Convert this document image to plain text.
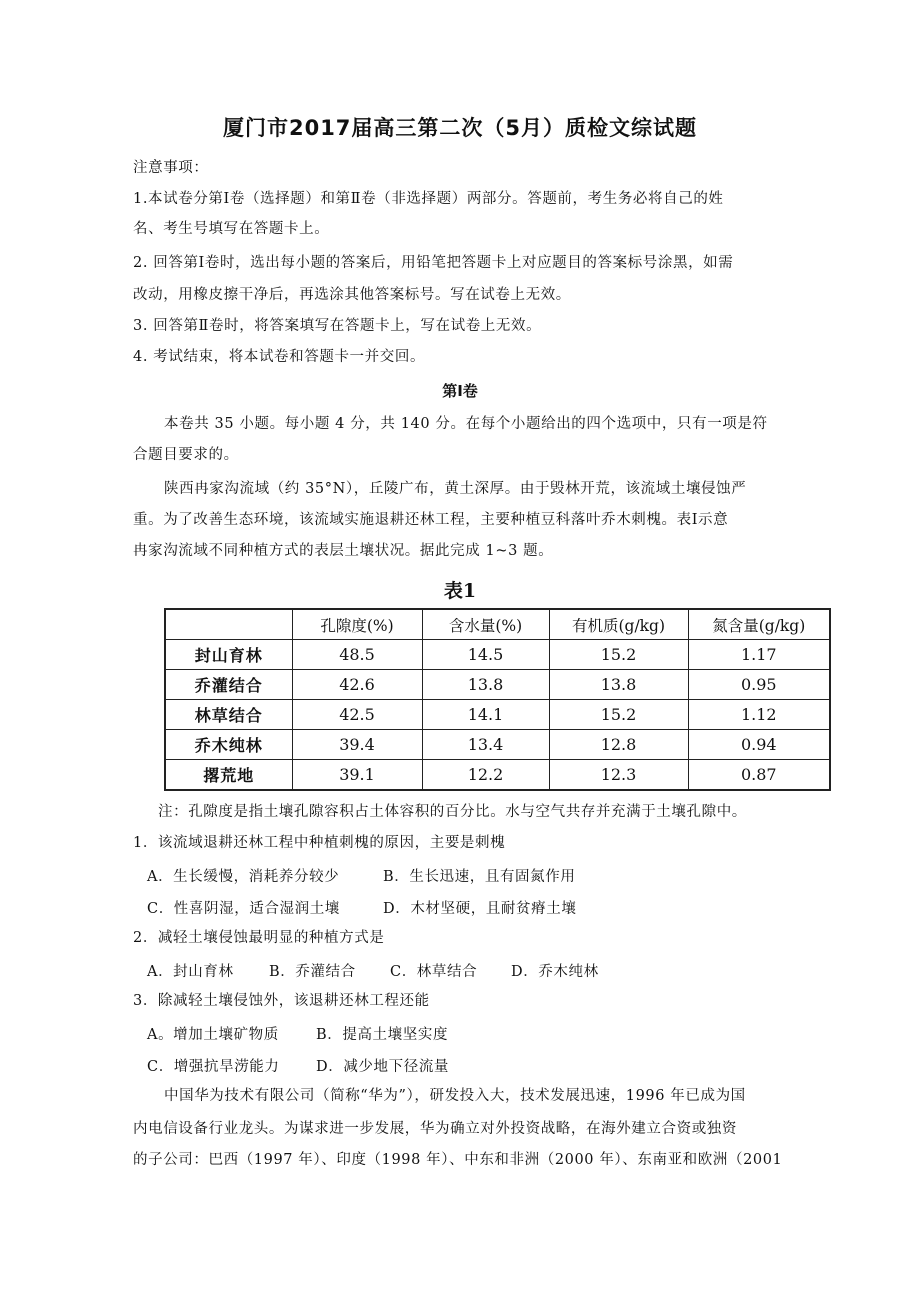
厦门市2017届高三第二次（5月）质检文综试题
注意事项：
1.本试卷分第Ⅰ卷（选择题）和第Ⅱ卷（非选择题）两部分。答题前，考生务必将自己的姓
名、考生号填写在答题卡上。
2. 回答第Ⅰ卷时，选出每小题的答案后，用铅笔把答题卡上对应题目的答案标号涂黑，如需
改动，用橡皮擦干净后，再选涂其他答案标号。写在试卷上无效。
3. 回答第Ⅱ卷时，将答案填写在答题卡上，写在试卷上无效。
4. 考试结束，将本试卷和答题卡一并交回。
第Ⅰ卷
本卷共 35 小题。每小题 4 分，共 140 分。在每个小题给出的四个选项中，只有一项是符
合题目要求的。
陕西冉家沟流域（约 35°N），丘陵广布，黄土深厚。由于毁林开荒，该流域土壤侵蚀严
重。为了改善生态环境，该流域实施退耕还林工程，主要种植豆科落叶乔木刺槐。表Ⅰ示意
冉家沟流域不同种植方式的表层土壤状况。据此完成 1~3 题。
表1
	孔隙度(%)	含水量(%)	有机质(g/kg)	氮含量(g/kg)
封山育林	48.5	14.5	15.2	1.17
乔灌结合	42.6	13.8	13.8	0.95
林草结合	42.5	14.1	15.2	1.12
乔木纯林	39.4	13.4	12.8	0.94
撂荒地	39.1	12.2	12.3	0.87
注：孔隙度是指土壤孔隙容积占土体容积的百分比。水与空气共存并充满于土壤孔隙中。
1．该流域退耕还林工程中种植刺槐的原因，主要是刺槐
A．生长缓慢，消耗养分较少	B．生长迅速，且有固氮作用
C．性喜阴湿，适合湿润土壤	D．木材坚硬，且耐贫瘠土壤
2．减轻土壤侵蚀最明显的种植方式是
A．封山育林 B．乔灌结合 C．林草结合 D．乔木纯林
3．除减轻土壤侵蚀外，该退耕还林工程还能
A。增加土壤矿物质	B．提高土壤坚实度
C．增强抗旱涝能力	D．减少地下径流量
中国华为技术有限公司（简称“华为”），研发投入大，技术发展迅速，1996 年已成为国
内电信设备行业龙头。为谋求进一步发展，华为确立对外投资战略，在海外建立合资或独资
的子公司：巴西（1997 年）、印度（1998 年）、中东和非洲（2000 年）、东南亚和欧洲（2001
